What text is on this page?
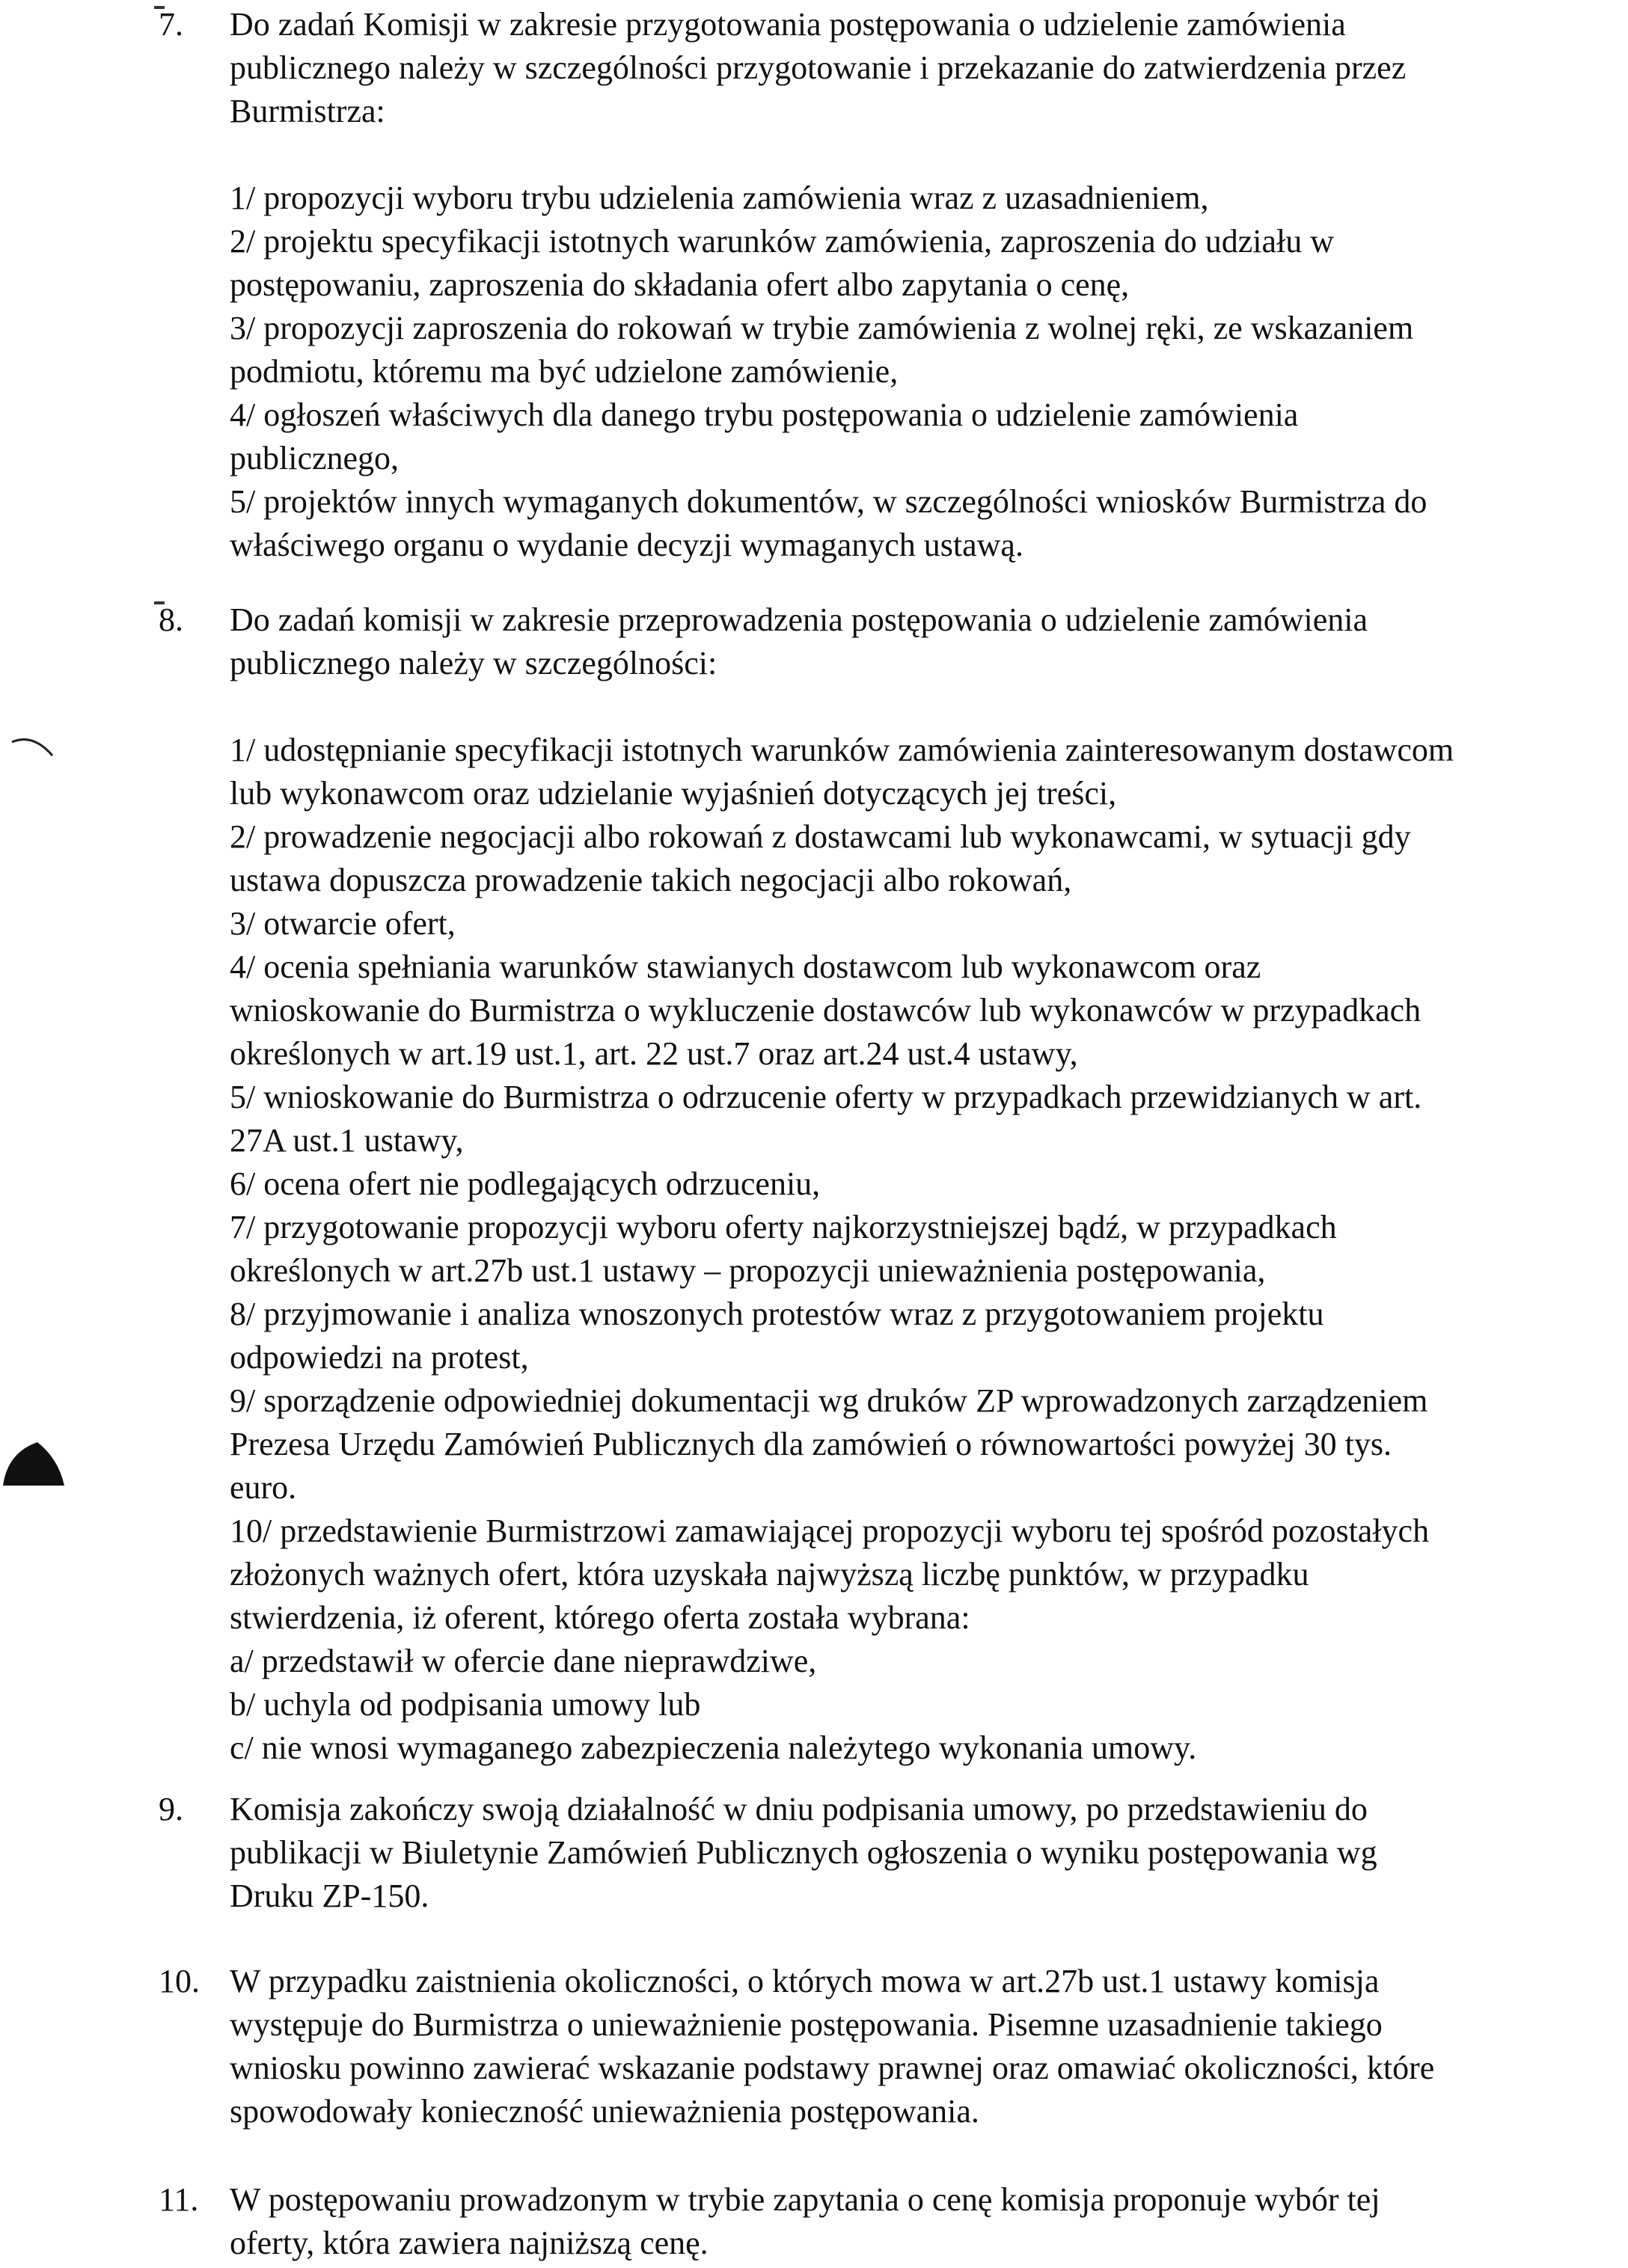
7. Do zadań Komisji w zakresie przygotowania postępowania o udzielenie zamówienia
publicznego należy w szczególności przygotowanie i przekazanie do zatwierdzenia przez
Burmistrza:
1/ propozycji wyboru trybu udzielenia zamówienia wraz z uzasadnieniem,
2/ projektu specyfikacji istotnych warunków zamówienia, zaproszenia do udziału w
postępowaniu, zaproszenia do składania ofert albo zapytania o cenę,
3/ propozycji zaproszenia do rokowań w trybie zamówienia z wolnej ręki, ze wskazaniem
podmiotu, któremu ma być udzielone zamówienie,
4/ ogłoszeń właściwych dla danego trybu postępowania o udzielenie zamówienia
publicznego,
5/ projektów innych wymaganych dokumentów, w szczególności wniosków Burmistrza do
właściwego organu o wydanie decyzji wymaganych ustawą.
8. Do zadań komisji w zakresie przeprowadzenia postępowania o udzielenie zamówienia
publicznego należy w szczególności:
1/ udostępnianie specyfikacji istotnych warunków zamówienia zainteresowanym dostawcom
lub wykonawcom oraz udzielanie wyjaśnień dotyczących jej treści,
2/ prowadzenie negocjacji albo rokowań z dostawcami lub wykonawcami, w sytuacji gdy
ustawa dopuszcza prowadzenie takich negocjacji albo rokowań,
3/ otwarcie ofert,
4/ ocenia spełniania warunków stawianych dostawcom lub wykonawcom oraz
wnioskowanie do Burmistrza o wykluczenie dostawców lub wykonawców w przypadkach
określonych w art.19 ust.1, art. 22 ust.7 oraz art.24 ust.4 ustawy,
5/ wnioskowanie do Burmistrza o odrzucenie oferty w przypadkach przewidzianych w art.
27A ust.1 ustawy,
6/ ocena ofert nie podlegających odrzuceniu,
7/ przygotowanie propozycji wyboru oferty najkorzystniejszej bądź, w przypadkach
określonych w art.27b ust.1 ustawy – propozycji unieważnienia postępowania,
8/ przyjmowanie i analiza wnoszonych protestów wraz z przygotowaniem projektu
odpowiedzi na protest,
9/ sporządzenie odpowiedniej dokumentacji wg druków ZP wprowadzonych zarządzeniem
Prezesa Urzędu Zamówień Publicznych dla zamówień o równowartości powyżej 30 tys.
euro.
10/ przedstawienie Burmistrzowi zamawiającej propozycji wyboru tej spośród pozostałych
złożonych ważnych ofert, która uzyskała najwyższą liczbę punktów, w przypadku
stwierdzenia, iż oferent, którego oferta została wybrana:
a/ przedstawił w ofercie dane nieprawdziwe,
b/ uchyla od podpisania umowy lub
c/ nie wnosi wymaganego zabezpieczenia należytego wykonania umowy.
9. Komisja zakończy swoją działalność w dniu podpisania umowy, po przedstawieniu do
publikacji w Biuletynie Zamówień Publicznych ogłoszenia o wyniku postępowania wg
Druku ZP-150.
10. W przypadku zaistnienia okoliczności, o których mowa w art.27b ust.1 ustawy komisja
występuje do Burmistrza o unieważnienie postępowania. Pisemne uzasadnienie takiego
wniosku powinno zawierać wskazanie podstawy prawnej oraz omawiać okoliczności, które
spowodowały konieczność unieważnienia postępowania.
11. W postępowaniu prowadzonym w trybie zapytania o cenę komisja proponuje wybór tej
oferty, która zawiera najniższą cenę.
